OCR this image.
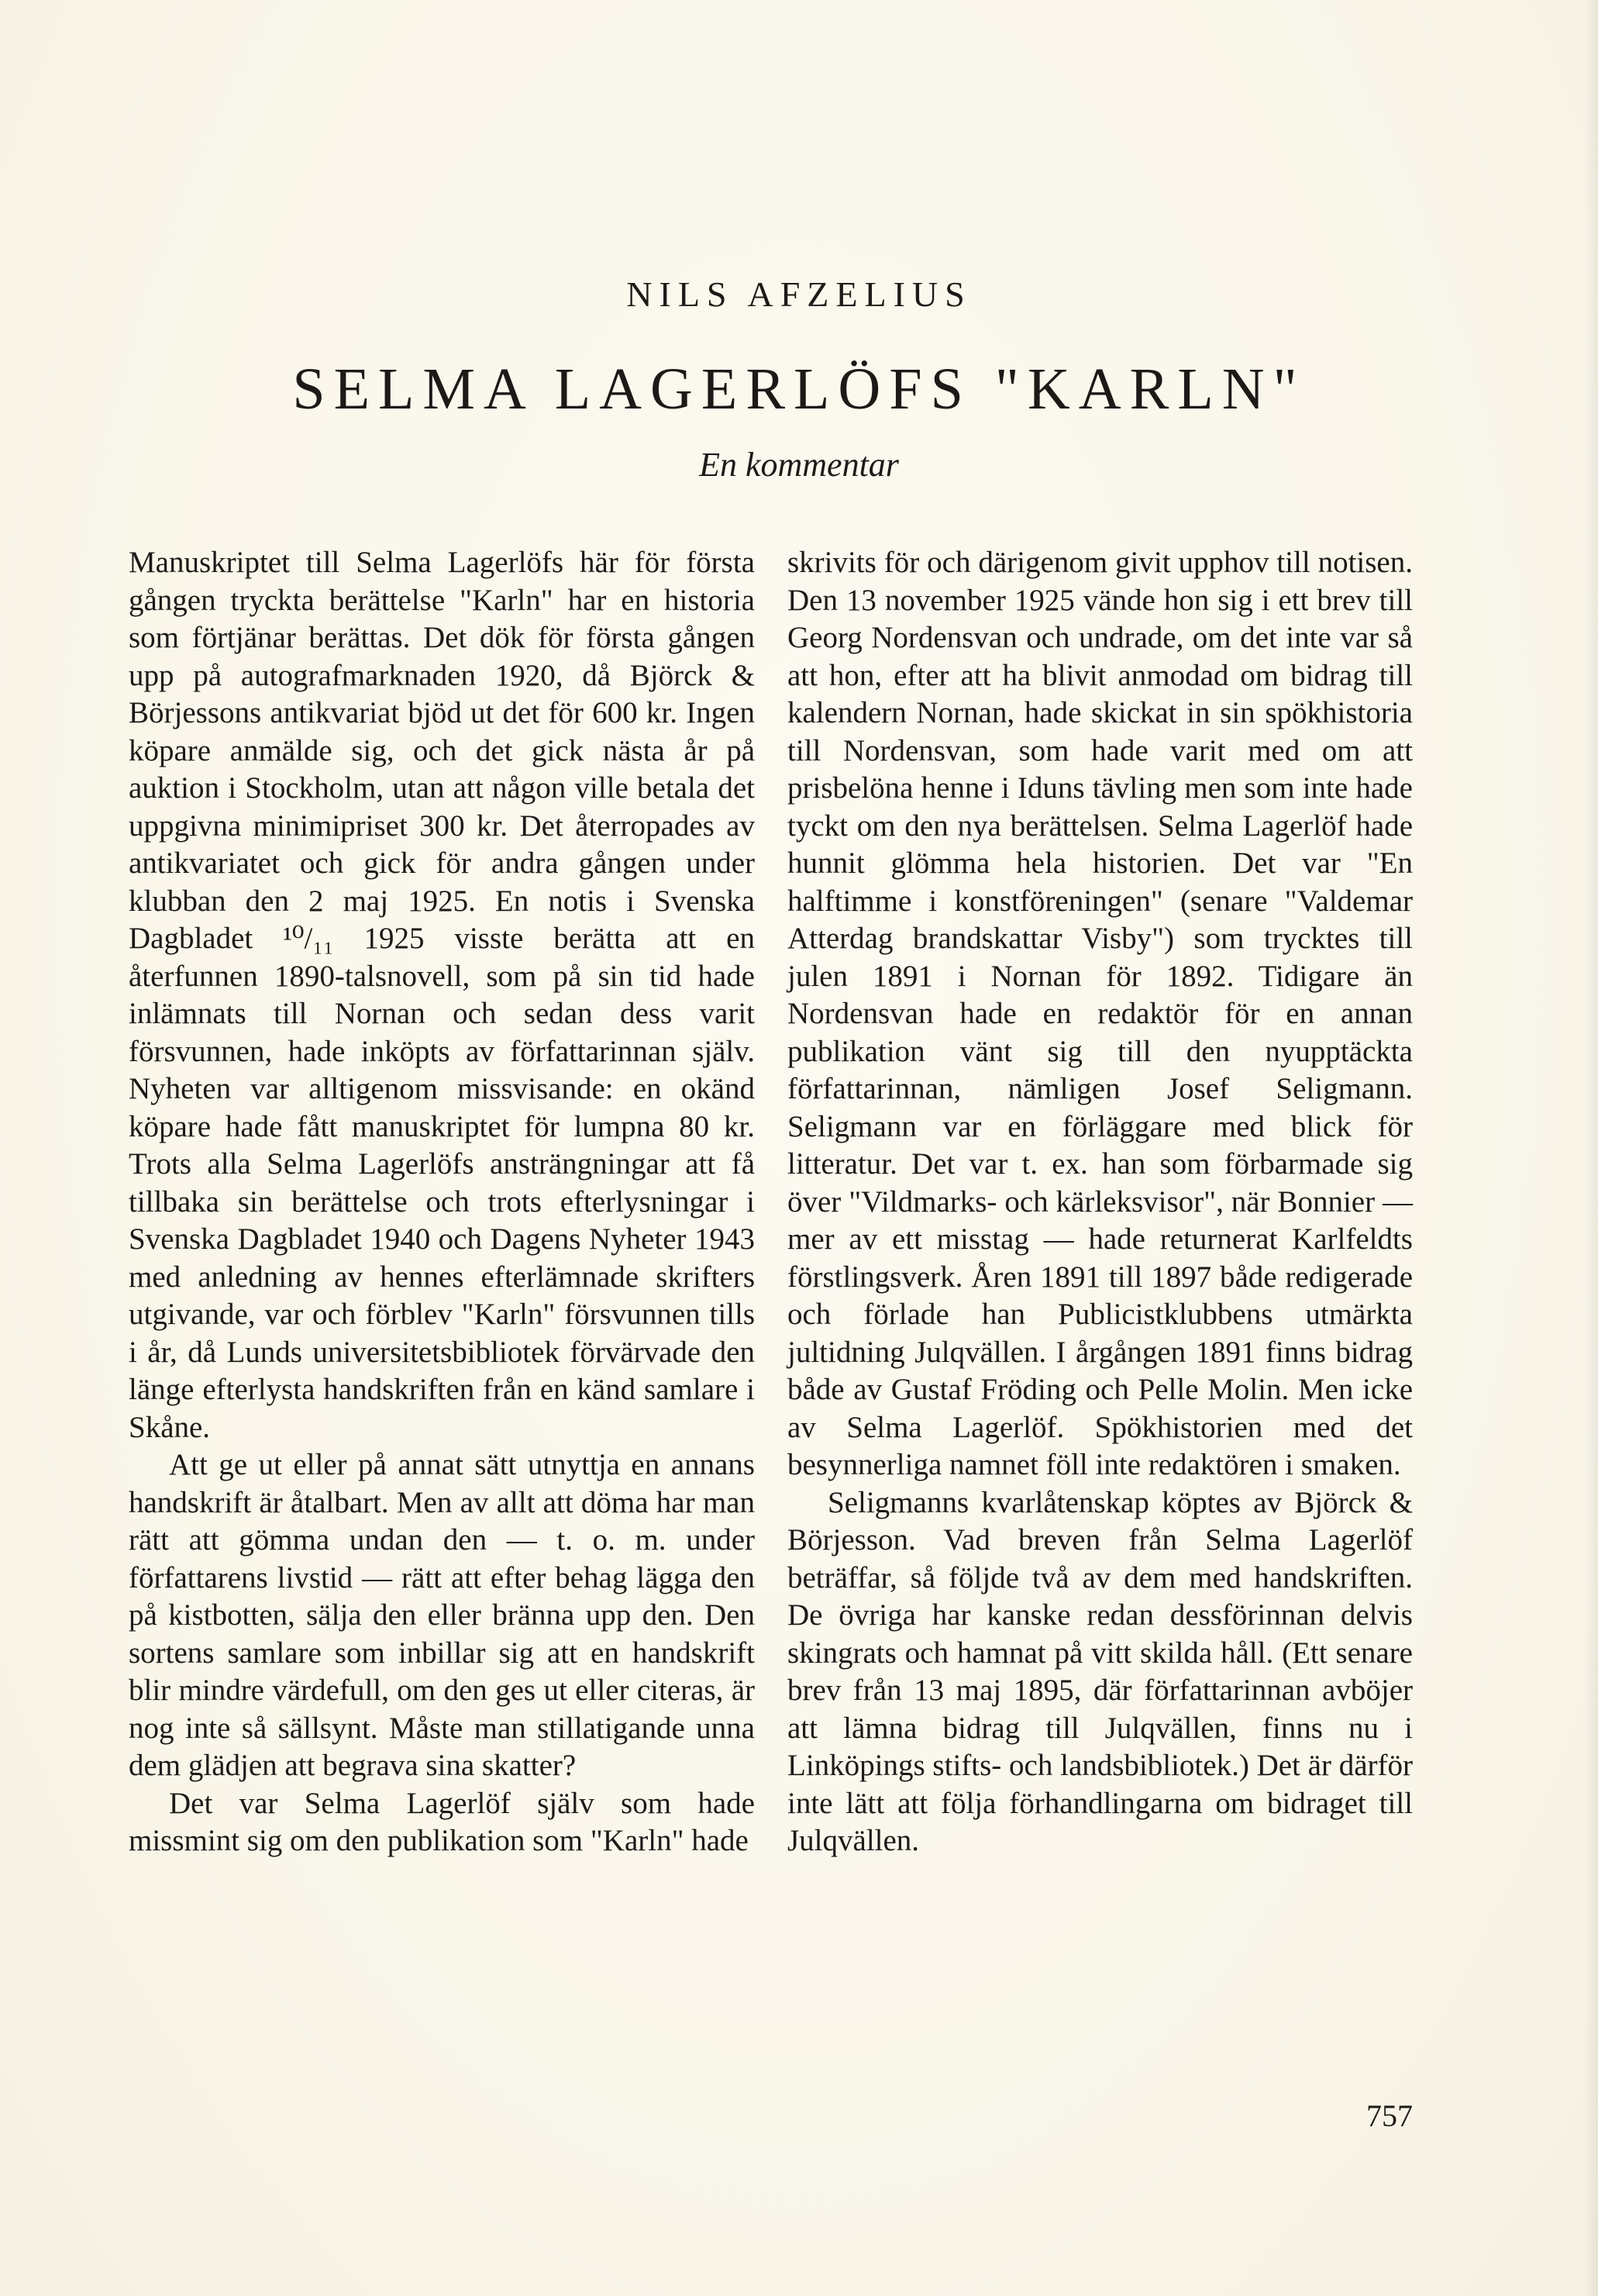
NILS AFZELIUS
SELMA LAGERLÖFS "KARLN"
En kommentar

Manuskriptet till Selma Lagerlöfs här för första gången tryckta berättelse "Karln" har en historia som förtjänar berättas. Det dök för första gången upp på autografmarknaden 1920, då Björck & Börjessons antikvariat bjöd ut det för 600 kr. Ingen köpare anmälde sig, och det gick nästa år på auktion i Stockholm, utan att någon ville betala det uppgivna minimipriset 300 kr. Det återropades av antikvariatet och gick för andra gången under klubban den 2 maj 1925. En notis i Svenska Dagbladet ¹⁰/₁₁ 1925 visste berätta att en återfunnen 1890-talsnovell, som på sin tid hade inlämnats till Nornan och sedan dess varit försvunnen, hade inköpts av författarinnan själv. Nyheten var alltigenom missvisande: en okänd köpare hade fått manuskriptet för lumpna 80 kr. Trots alla Selma Lagerlöfs ansträngningar att få tillbaka sin berättelse och trots efterlysningar i Svenska Dagbladet 1940 och Dagens Nyheter 1943 med anledning av hennes efterlämnade skrifters utgivande, var och förblev "Karln" försvunnen tills i år, då Lunds universitetsbibliotek förvärvade den länge efterlysta handskriften från en känd samlare i Skåne.

Att ge ut eller på annat sätt utnyttja en annans handskrift är åtalbart. Men av allt att döma har man rätt att gömma undan den — t. o. m. under författarens livstid — rätt att efter behag lägga den på kistbotten, sälja den eller bränna upp den. Den sortens samlare som inbillar sig att en handskrift blir mindre värdefull, om den ges ut eller citeras, är nog inte så sällsynt. Måste man stillatigande unna dem glädjen att begrava sina skatter?

Det var Selma Lagerlöf själv som hade missmint sig om den publikation som "Karln" hade

skrivits för och därigenom givit upphov till notisen. Den 13 november 1925 vände hon sig i ett brev till Georg Nordensvan och undrade, om det inte var så att hon, efter att ha blivit anmodad om bidrag till kalendern Nornan, hade skickat in sin spökhistoria till Nordensvan, som hade varit med om att prisbelöna henne i Iduns tävling men som inte hade tyckt om den nya berättelsen. Selma Lagerlöf hade hunnit glömma hela historien. Det var "En halftimme i konstföreningen" (senare "Valdemar Atterdag brandskattar Visby") som trycktes till julen 1891 i Nornan för 1892. Tidigare än Nordensvan hade en redaktör för en annan publikation vänt sig till den nyupptäckta författarinnan, nämligen Josef Seligmann. Seligmann var en förläggare med blick för litteratur. Det var t. ex. han som förbarmade sig över "Vildmarks- och kärleksvisor", när Bonnier — mer av ett misstag — hade returnerat Karlfeldts förstlingsverk. Åren 1891 till 1897 både redigerade och förlade han Publicistklubbens utmärkta jultidning Julqvällen. I årgången 1891 finns bidrag både av Gustaf Fröding och Pelle Molin. Men icke av Selma Lagerlöf. Spökhistorien med det besynnerliga namnet föll inte redaktören i smaken.

Seligmanns kvarlåtenskap köptes av Björck & Börjesson. Vad breven från Selma Lagerlöf beträffar, så följde två av dem med handskriften. De övriga har kanske redan dessförinnan delvis skingrats och hamnat på vitt skilda håll. (Ett senare brev från 13 maj 1895, där författarinnan avböjer att lämna bidrag till Julqvällen, finns nu i Linköpings stifts- och landsbibliotek.) Det är därför inte lätt att följa förhandlingarna om bidraget till Julqvällen.

757
